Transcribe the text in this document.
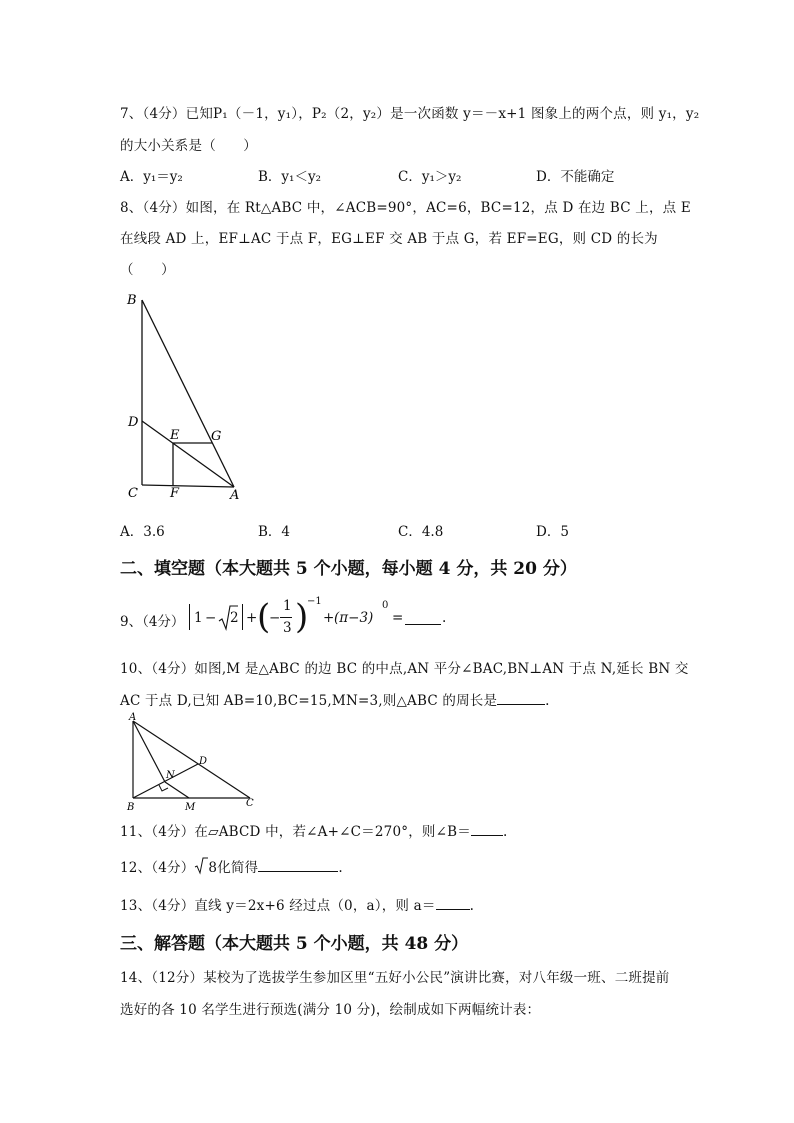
7、（4分）已知P₁（－1，y₁），P₂（2，y₂）是一次函数 y＝－x+1 图象上的两个点，则 y₁，y₂
的大小关系是（　　）
A．y₁＝y₂	B．y₁＜y₂	C．y₁＞y₂	D．不能确定
8、（4分）如图，在 Rt△ABC 中，∠ACB=90°，AC=6，BC=12，点 D 在边 BC 上，点 E
在线段 AD 上，EF⊥AC 于点 F，EG⊥EF 交 AB 于点 G，若 EF=EG，则 CD 的长为
（　　）
B
D
E G
C F	A
A．3.6	B．4	C．4.8	D．5
二、填空题（本大题共 5 个小题，每小题 4 分，共 20 分）
9、（4分） 1 − 2 + (
−
1
3 )
−1
+ (π−3)
0
=	.
10、（4分）如图,M 是△ABC 的边 BC 的中点,AN 平分∠BAC,BN⊥AN 于点 N,延长 BN 交
AC 于点 D,已知 AB=10,BC=15,MN=3,则△ABC 的周长是	.
A
N
D
B	M	C
11、（4分）在▱ABCD 中，若∠A+∠C＝270°，则∠B＝ .
12、（4分） 8化简得	.
13、（4分）直线 y＝2x+6 经过点（0，a），则 a＝	.
三、解答题（本大题共 5 个小题，共 48 分）
14、（12分）某校为了选拔学生参加区里“五好小公民”演讲比赛，对八年级一班、二班提前
选好的各 10 名学生进行预选(满分 10 分)，绘制成如下两幅统计表：
